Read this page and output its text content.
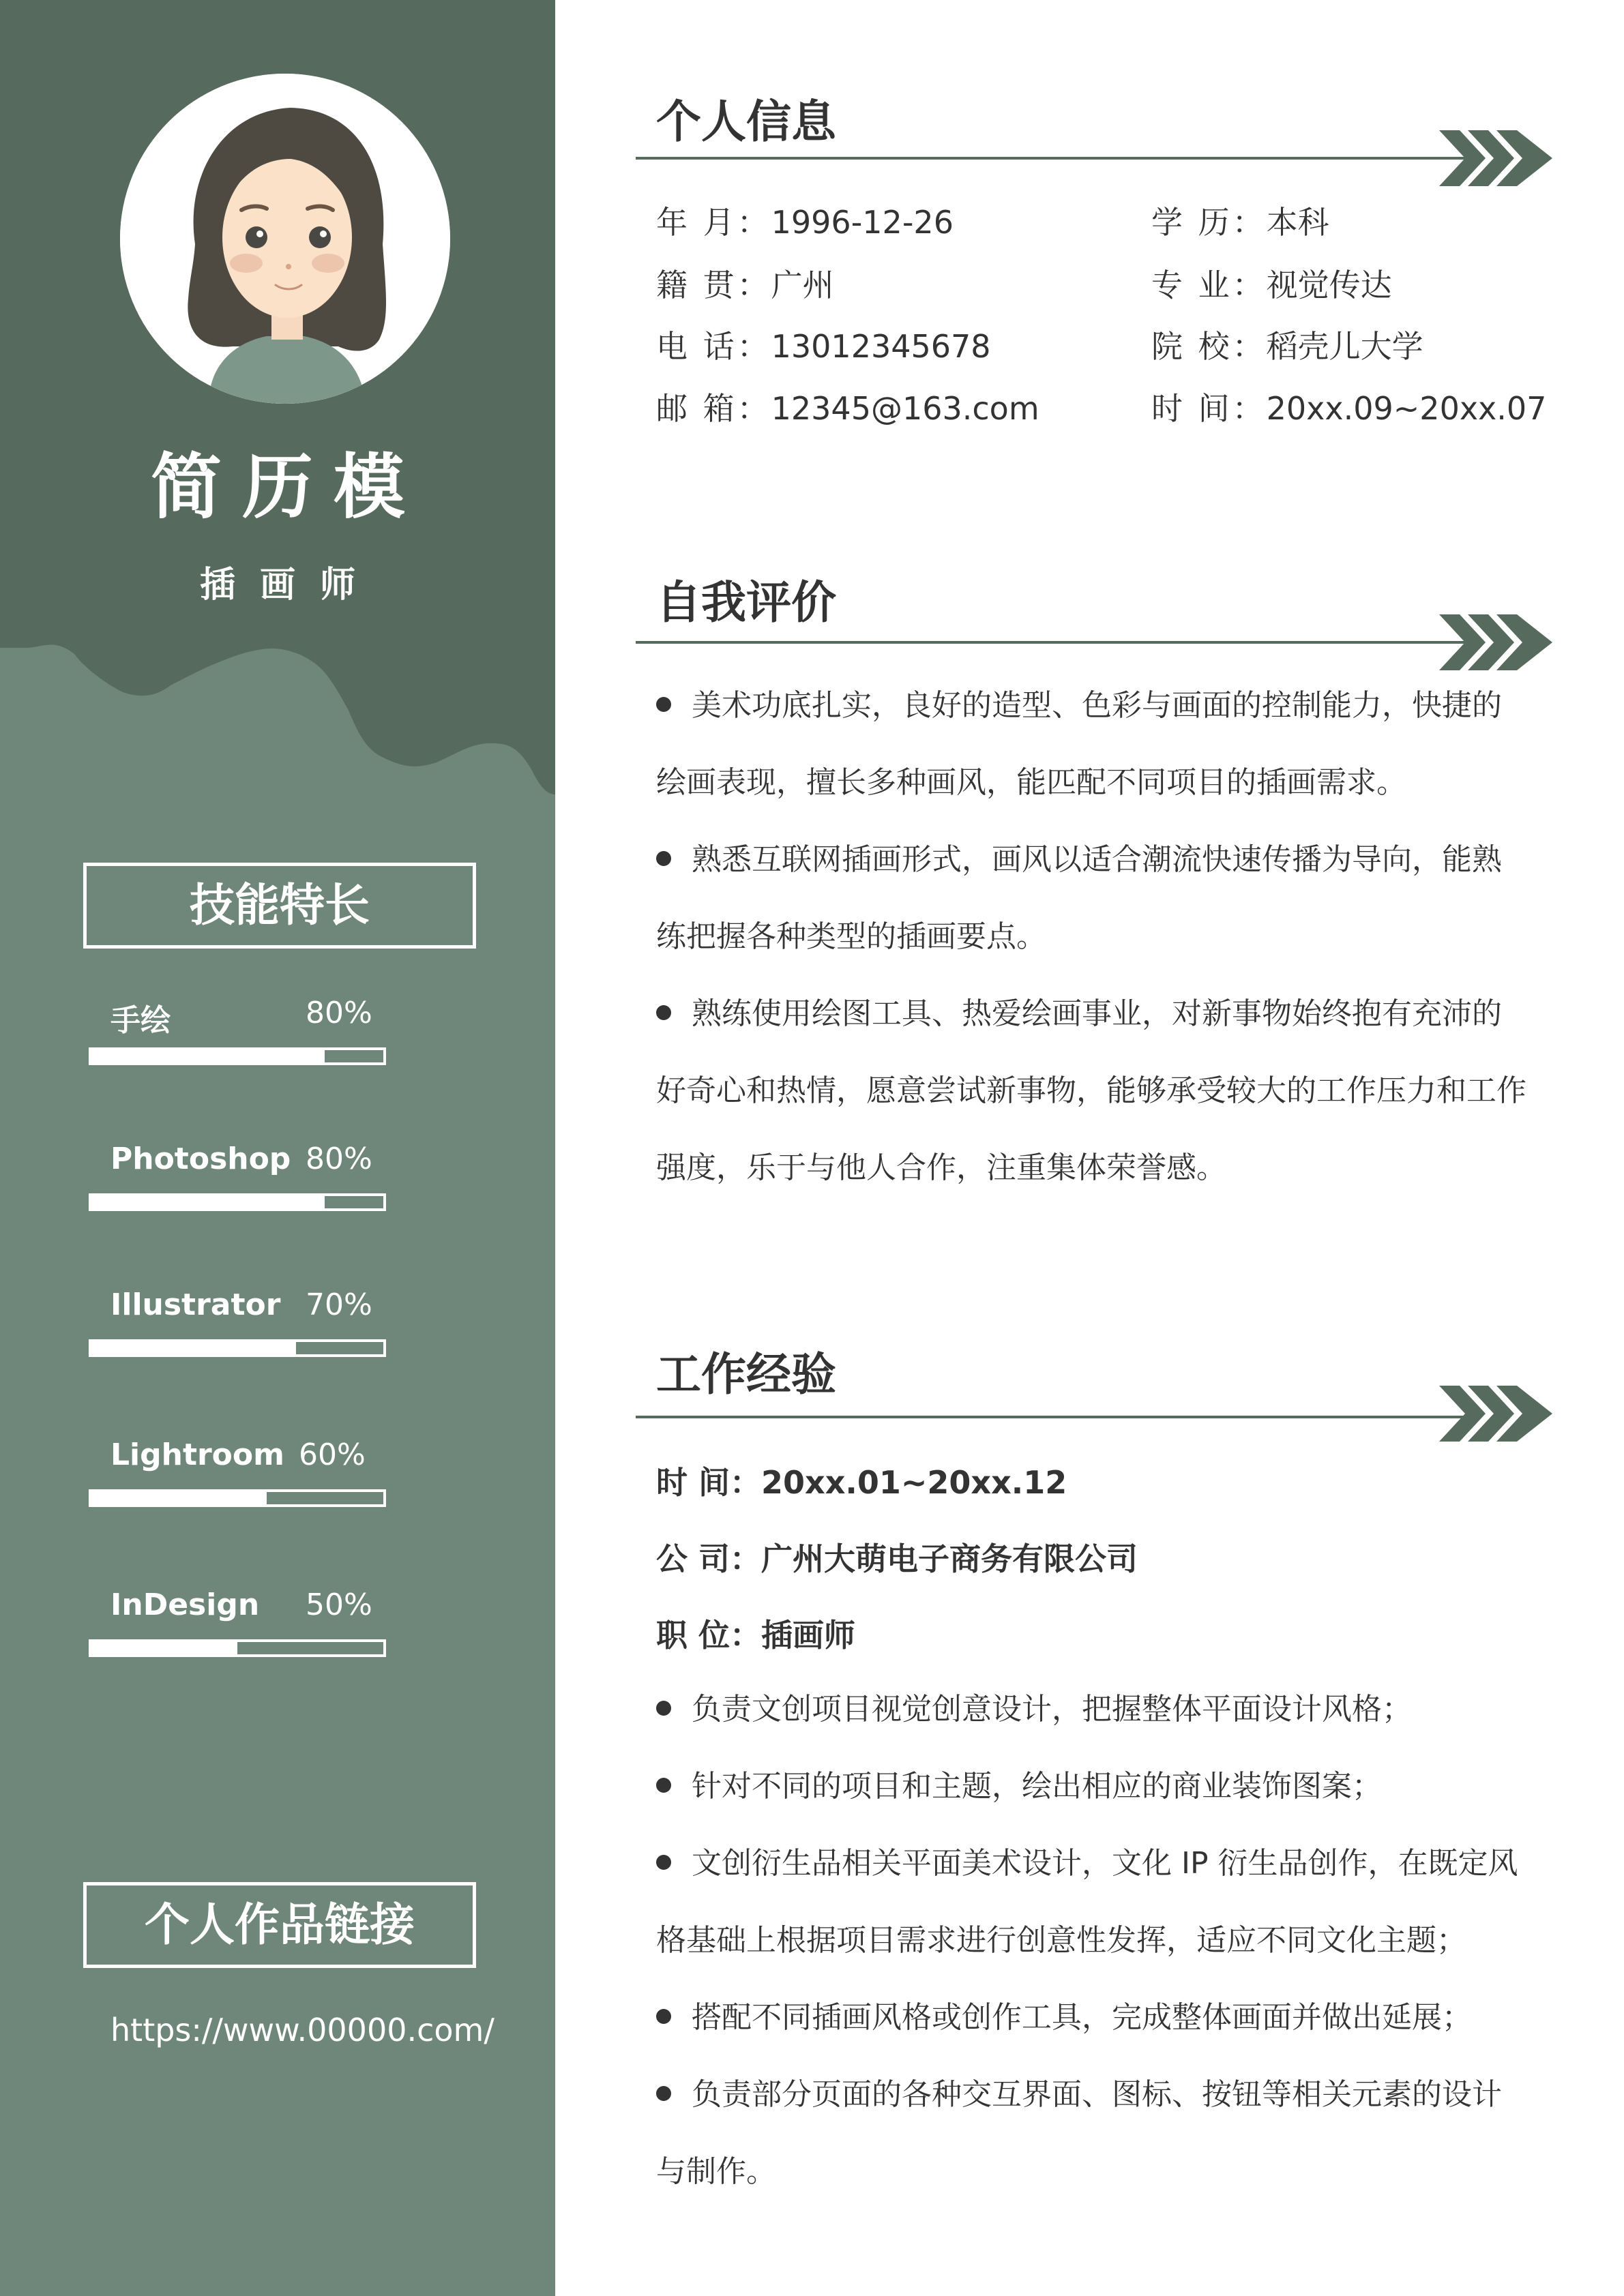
简历模
插画师
技能特长
手绘	80%
Photoshop 80%
Illustrator 70%
Lightroom 60%
InDesign 50%
个人作品链接
https://www.00000.com/
个人信息
年 月：1996-12-26
籍 贯：广州
电 话：13012345678
邮 箱：12345@163.com
学 历：本科
专 业：视觉传达
院 校：稻壳儿大学
时 间：20xx.09~20xx.07
自我评价
美术功底扎实，良好的造型、色彩与画面的控制能力，快捷的
绘画表现，擅长多种画风，能匹配不同项目的插画需求。
熟悉互联网插画形式，画风以适合潮流快速传播为导向，能熟
练把握各种类型的插画要点。
熟练使用绘图工具、热爱绘画事业，对新事物始终抱有充沛的
好奇心和热情，愿意尝试新事物，能够承受较大的工作压力和工作
强度，乐于与他人合作，注重集体荣誉感。
工作经验
时 间：20xx.01~20xx.12
公 司：广州大萌电子商务有限公司
职 位：插画师
负责文创项目视觉创意设计，把握整体平面设计风格；
针对不同的项目和主题，绘出相应的商业装饰图案；
文创衍生品相关平面美术设计，文化 IP 衍生品创作，在既定风
格基础上根据项目需求进行创意性发挥，适应不同文化主题；
搭配不同插画风格或创作工具，完成整体画面并做出延展；
负责部分页面的各种交互界面、图标、按钮等相关元素的设计
与制作。
